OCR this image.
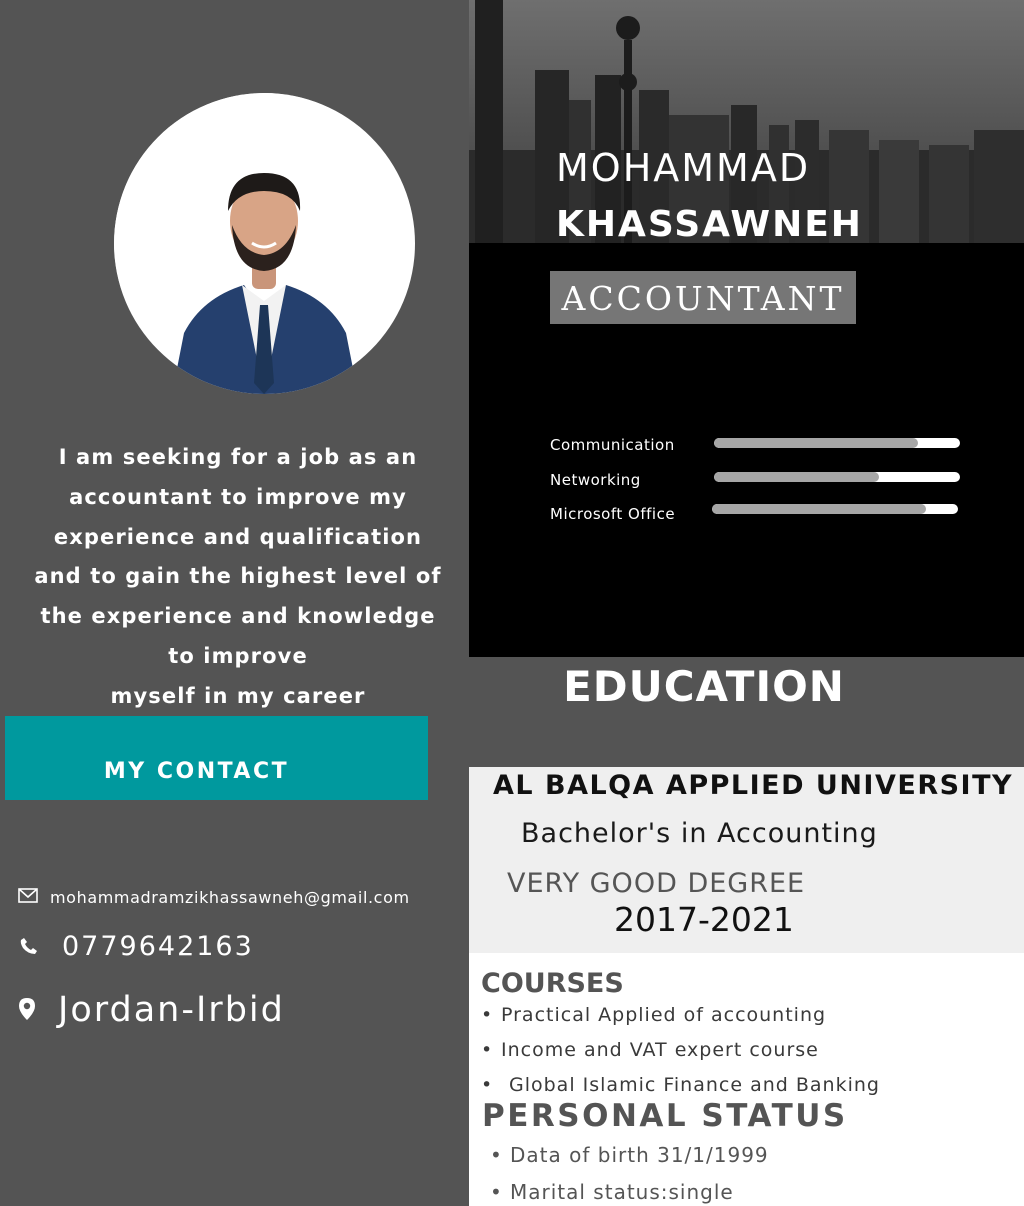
I am seeking for a job as an
accountant to improve my
experience and qualification
and to gain the highest level of
the experience and knowledge
to improve
myself in my career
MY CONTACT
mohammadramzikhassawneh@gmail.com
0779642163
Jordan-Irbid
MOHAMMAD
KHASSAWNEH
ACCOUNTANT
Communication
Networking
Microsoft Office
EDUCATION
AL BALQA APPLIED UNIVERSITY
Bachelor's in Accounting
VERY GOOD DEGREE
2017-2021
COURSES
• Practical Applied of accounting
• Income and VAT expert course
• Global Islamic Finance and Banking
PERSONAL STATUS
• Data of birth 31/1/1999
• Marital status:single
